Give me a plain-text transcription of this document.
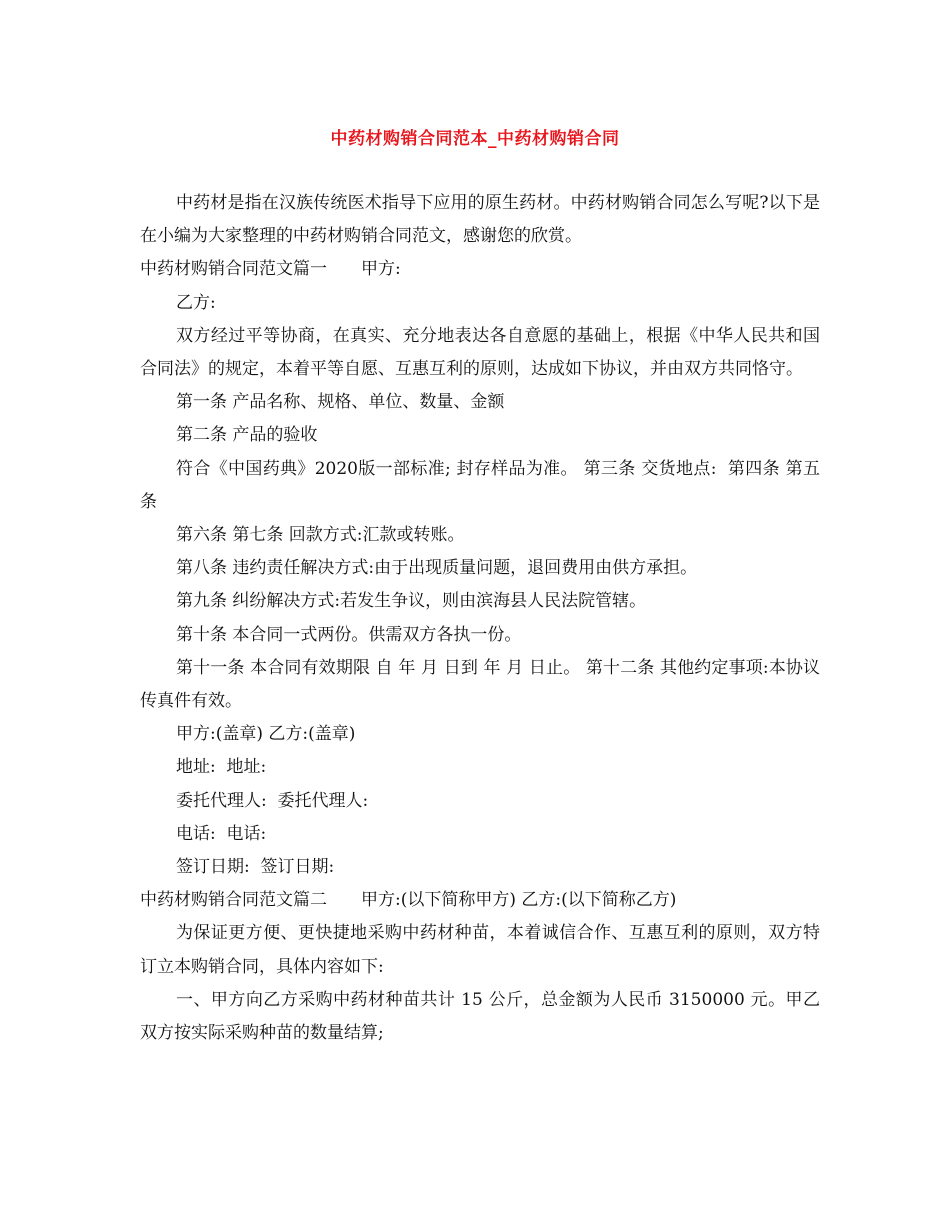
中药材购销合同范本_中药材购销合同

中药材是指在汉族传统医术指导下应用的原生药材。中药材购销合同怎么写呢?以下是在小编为大家整理的中药材购销合同范文，感谢您的欣赏。

中药材购销合同范文篇一　　甲方:

乙方:

双方经过平等协商，在真实、充分地表达各自意愿的基础上，根据《中华人民共和国合同法》的规定，本着平等自愿、互惠互利的原则，达成如下协议，并由双方共同恪守。

第一条 产品名称、规格、单位、数量、金额

第二条 产品的验收

符合《中国药典》2020版一部标准; 封存样品为准。 第三条 交货地点:  第四条 第五条

第六条 第七条 回款方式:汇款或转账。

第八条 违约责任解决方式:由于出现质量问题，退回费用由供方承担。

第九条 纠纷解决方式:若发生争议，则由滨海县人民法院管辖。

第十条 本合同一式两份。供需双方各执一份。

第十一条 本合同有效期限 自 年 月 日到 年 月 日止。 第十二条 其他约定事项:本协议传真件有效。

甲方:(盖章) 乙方:(盖章)

地址:  地址:

委托代理人:  委托代理人:

电话:  电话:

签订日期:  签订日期:

中药材购销合同范文篇二　　甲方:(以下简称甲方) 乙方:(以下简称乙方)

为保证更方便、更快捷地采购中药材种苗，本着诚信合作、互惠互利的原则，双方特订立本购销合同，具体内容如下:

一、甲方向乙方采购中药材种苗共计 15 公斤，总金额为人民币 3150000 元。甲乙双方按实际采购种苗的数量结算;
